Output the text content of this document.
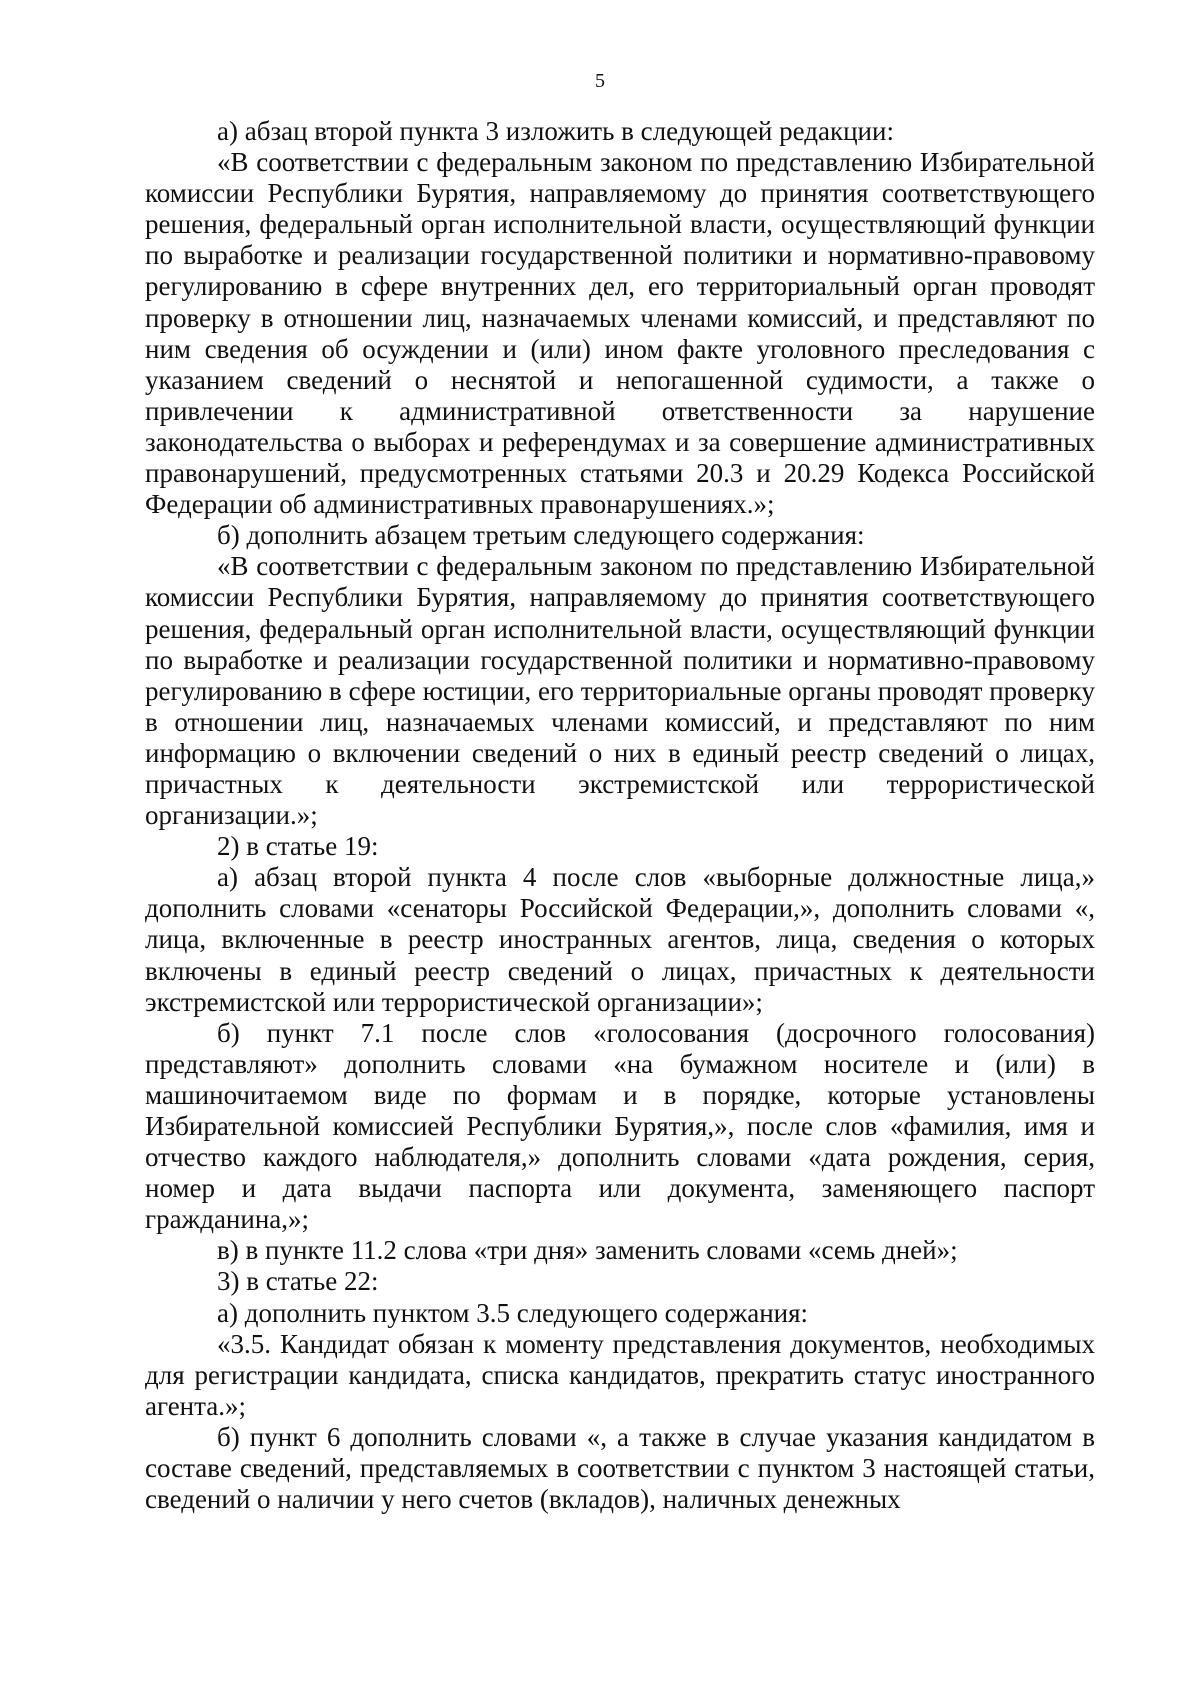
5

а) абзац второй пункта 3 изложить в следующей редакции:

«В соответствии с федеральным законом по представлению Избирательной комиссии Республики Бурятия, направляемому до принятия соответствующего решения, федеральный орган исполнительной власти, осуществляющий функции по выработке и реализации государственной политики и нормативно-правовому регулированию в сфере внутренних дел, его территориальный орган проводят проверку в отношении лиц, назначаемых членами комиссий, и представляют по ним сведения об осуждении и (или) ином факте уголовного преследования с указанием сведений о неснятой и непогашенной судимости, а также о привлечении к административной ответственности за нарушение законодательства о выборах и референдумах и за совершение административных правонарушений, предусмотренных статьями 20.3 и 20.29 Кодекса Российской Федерации об административных правонарушениях.»;

б) дополнить абзацем третьим следующего содержания:

«В соответствии с федеральным законом по представлению Избирательной комиссии Республики Бурятия, направляемому до принятия соответствующего решения, федеральный орган исполнительной власти, осуществляющий функции по выработке и реализации государственной политики и нормативно-правовому регулированию в сфере юстиции, его территориальные органы проводят проверку в отношении лиц, назначаемых членами комиссий, и представляют по ним информацию о включении сведений о них в единый реестр сведений о лицах, причастных к деятельности экстремистской или террористической организации.»;

2) в статье 19:

а) абзац второй пункта 4 после слов «выборные должностные лица,» дополнить словами «сенаторы Российской Федерации,», дополнить словами «, лица, включенные в реестр иностранных агентов, лица, сведения о которых включены в единый реестр сведений о лицах, причастных к деятельности экстремистской или террористической организации»;

б) пункт 7.1 после слов «голосования (досрочного голосования) представляют» дополнить словами «на бумажном носителе и (или) в машиночитаемом виде по формам и в порядке, которые установлены Избирательной комиссией Республики Бурятия,», после слов «фамилия, имя и отчество каждого наблюдателя,» дополнить словами «дата рождения, серия, номер и дата выдачи паспорта или документа, заменяющего паспорт гражданина,»;

в) в пункте 11.2 слова «три дня» заменить словами «семь дней»;

3) в статье 22:

а) дополнить пунктом 3.5 следующего содержания:

«3.5. Кандидат обязан к моменту представления документов, необходимых для регистрации кандидата, списка кандидатов, прекратить статус иностранного агента.»;

б) пункт 6 дополнить словами «, а также в случае указания кандидатом в составе сведений, представляемых в соответствии с пунктом 3 настоящей статьи, сведений о наличии у него счетов (вкладов), наличных денежных
